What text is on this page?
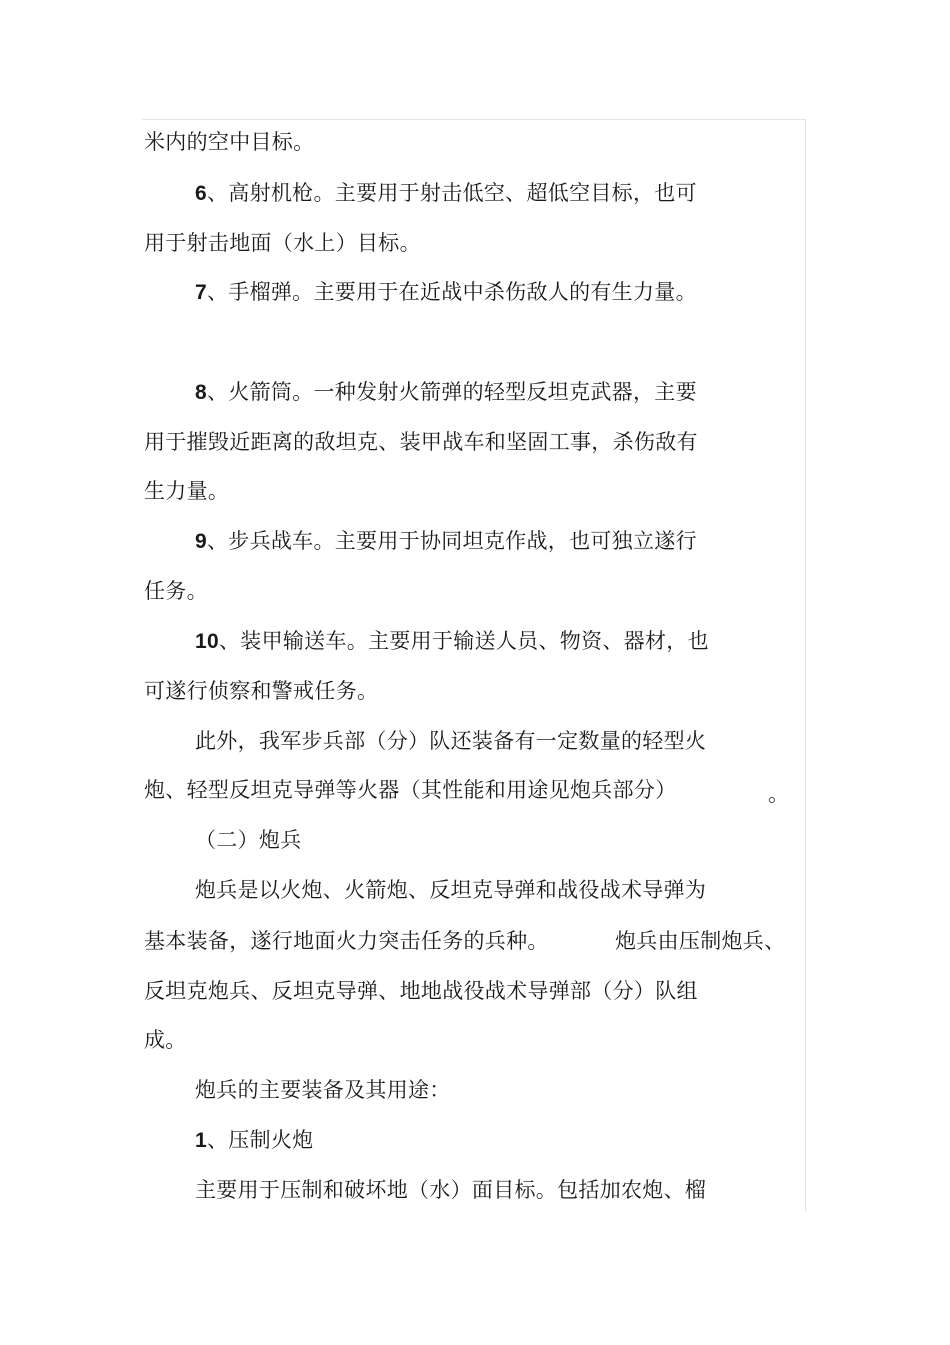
米内的空中目标。
6、高射机枪。主要用于射击低空、超低空目标，也可
用于射击地面（水上）目标。
7、手榴弹。主要用于在近战中杀伤敌人的有生力量。
8、火箭筒。一种发射火箭弹的轻型反坦克武器，主要
用于摧毁近距离的敌坦克、装甲战车和坚固工事，杀伤敌有
生力量。
9、步兵战车。主要用于协同坦克作战，也可独立遂行
任务。
10、装甲输送车。主要用于输送人员、物资、器材，也
可遂行侦察和警戒任务。
此外，我军步兵部（分）队还装备有一定数量的轻型火
炮、轻型反坦克导弹等火器（其性能和用途见炮兵部分）	。
（二）炮兵
炮兵是以火炮、火箭炮、反坦克导弹和战役战术导弹为
基本装备，遂行地面火力突击任务的兵种。	炮兵由压制炮兵、
反坦克炮兵、反坦克导弹、地地战役战术导弹部（分）队组
成。
炮兵的主要装备及其用途：
1、压制火炮
主要用于压制和破坏地（水）面目标。包括加农炮、榴
